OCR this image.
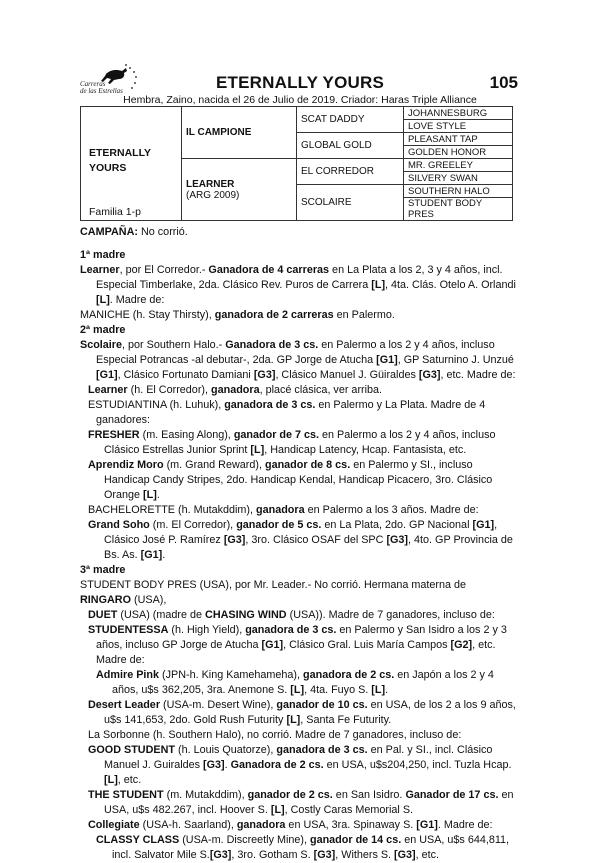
Carreras
de las Estrellas	ETERNALLY YOURS	105
Hembra, Zaino, nacida el 26 de Julio de 2019. Criador: Haras Triple Alliance
ETERNALLY YOURS
Familia 1-p	IL CAMPIONE	SCAT DADDY	JOHANNESBURG
			LOVE STYLE
		GLOBAL GOLD	PLEASANT TAP
			GOLDEN HONOR

	LEARNER
(ARG 2009)	EL CORREDOR	MR. GREELEY
			SILVERY SWAN
		SCOLAIRE	SOUTHERN HALO
			STUDENT BODY PRES

CAMPAÑA: No corrió.

1ª madre

Learner, por El Corredor.- Ganadora de 4 carreras en La Plata a los 2, 3 y 4 años, incl. Especial Timberlake, 2da. Clásico Rev. Puros de Carrera [L], 4ta. Clás. Otelo A. Orlandi [L]. Madre de:

MANICHE (h. Stay Thirsty), ganadora de 2 carreras en Palermo.

2ª madre

Scolaire, por Southern Halo.- Ganadora de 3 cs. en Palermo a los 2 y 4 años, incluso Especial Potrancas -al debutar-, 2da. GP Jorge de Atucha [G1], GP Saturnino J. Unzué [G1], Clásico Fortunato Damiani [G3], Clásico Manuel J. Güiraldes [G3], etc. Madre de:

Learner (h. El Corredor), ganadora, placé clásica, ver arriba.

ESTUDIANTINA (h. Luhuk), ganadora de 3 cs. en Palermo y La Plata. Madre de 4 ganadores:

FRESHER (m. Easing Along), ganador de 7 cs. en Palermo a los 2 y 4 años, incluso Clásico Estrellas Junior Sprint [L], Handicap Latency, Hcap. Fantasista, etc.

Aprendiz Moro (m. Grand Reward), ganador de 8 cs. en Palermo y SI., incluso Handicap Candy Stripes, 2do. Handicap Kendal, Handicap Picacero, 3ro. Clásico Orange [L].

BACHELORETTE (h. Mutakddim), ganadora en Palermo a los 3 años. Madre de:

Grand Soho (m. El Corredor), ganador de 5 cs. en La Plata, 2do. GP Nacional [G1], Clásico José P. Ramírez [G3], 3ro. Clásico OSAF del SPC [G3], 4to. GP Provincia de Bs. As. [G1].

3ª madre

STUDENT BODY PRES (USA), por Mr. Leader.- No corrió. Hermana materna de RINGARO (USA),

DUET (USA) (madre de CHASING WIND (USA)). Madre de 7 ganadores, incluso de:

STUDENTESSA (h. High Yield), ganadora de 3 cs. en Palermo y San Isidro a los 2 y 3 años, incluso GP Jorge de Atucha [G1], Clásico Gral. Luis María Campos [G2], etc. Madre de:

Admire Pink (JPN-h. King Kamehameha), ganadora de 2 cs. en Japón a los 2 y 4 años, u$s 362,205, 3ra. Anemone S. [L], 4ta. Fuyo S. [L].

Desert Leader (USA-m. Desert Wine), ganador de 10 cs. en USA, de los 2 a los 9 años, u$s 141,653, 2do. Gold Rush Futurity [L], Santa Fe Futurity.

La Sorbonne (h. Southern Halo), no corrió. Madre de 7 ganadores, incluso de:

GOOD STUDENT (h. Louis Quatorze), ganadora de 3 cs. en Pal. y SI., incl. Clásico Manuel J. Guiraldes [G3]. Ganadora de 2 cs. en USA, u$s204,250, incl. Tuzla Hcap. [L], etc.

THE STUDENT (m. Mutakddim), ganador de 2 cs. en San Isidro. Ganador de 17 cs. en USA, u$s 482.267, incl. Hoover S. [L], Costly Caras Memorial S.

Collegiate (USA-h. Saarland), ganadora en USA, 3ra. Spinaway S. [G1]. Madre de:

CLASSY CLASS (USA-m. Discreetly Mine), ganador de 14 cs. en USA, u$s 644,811, incl. Salvator Mile S.[G3], 3ro. Gotham S. [G3], Withers S. [G3], etc.
